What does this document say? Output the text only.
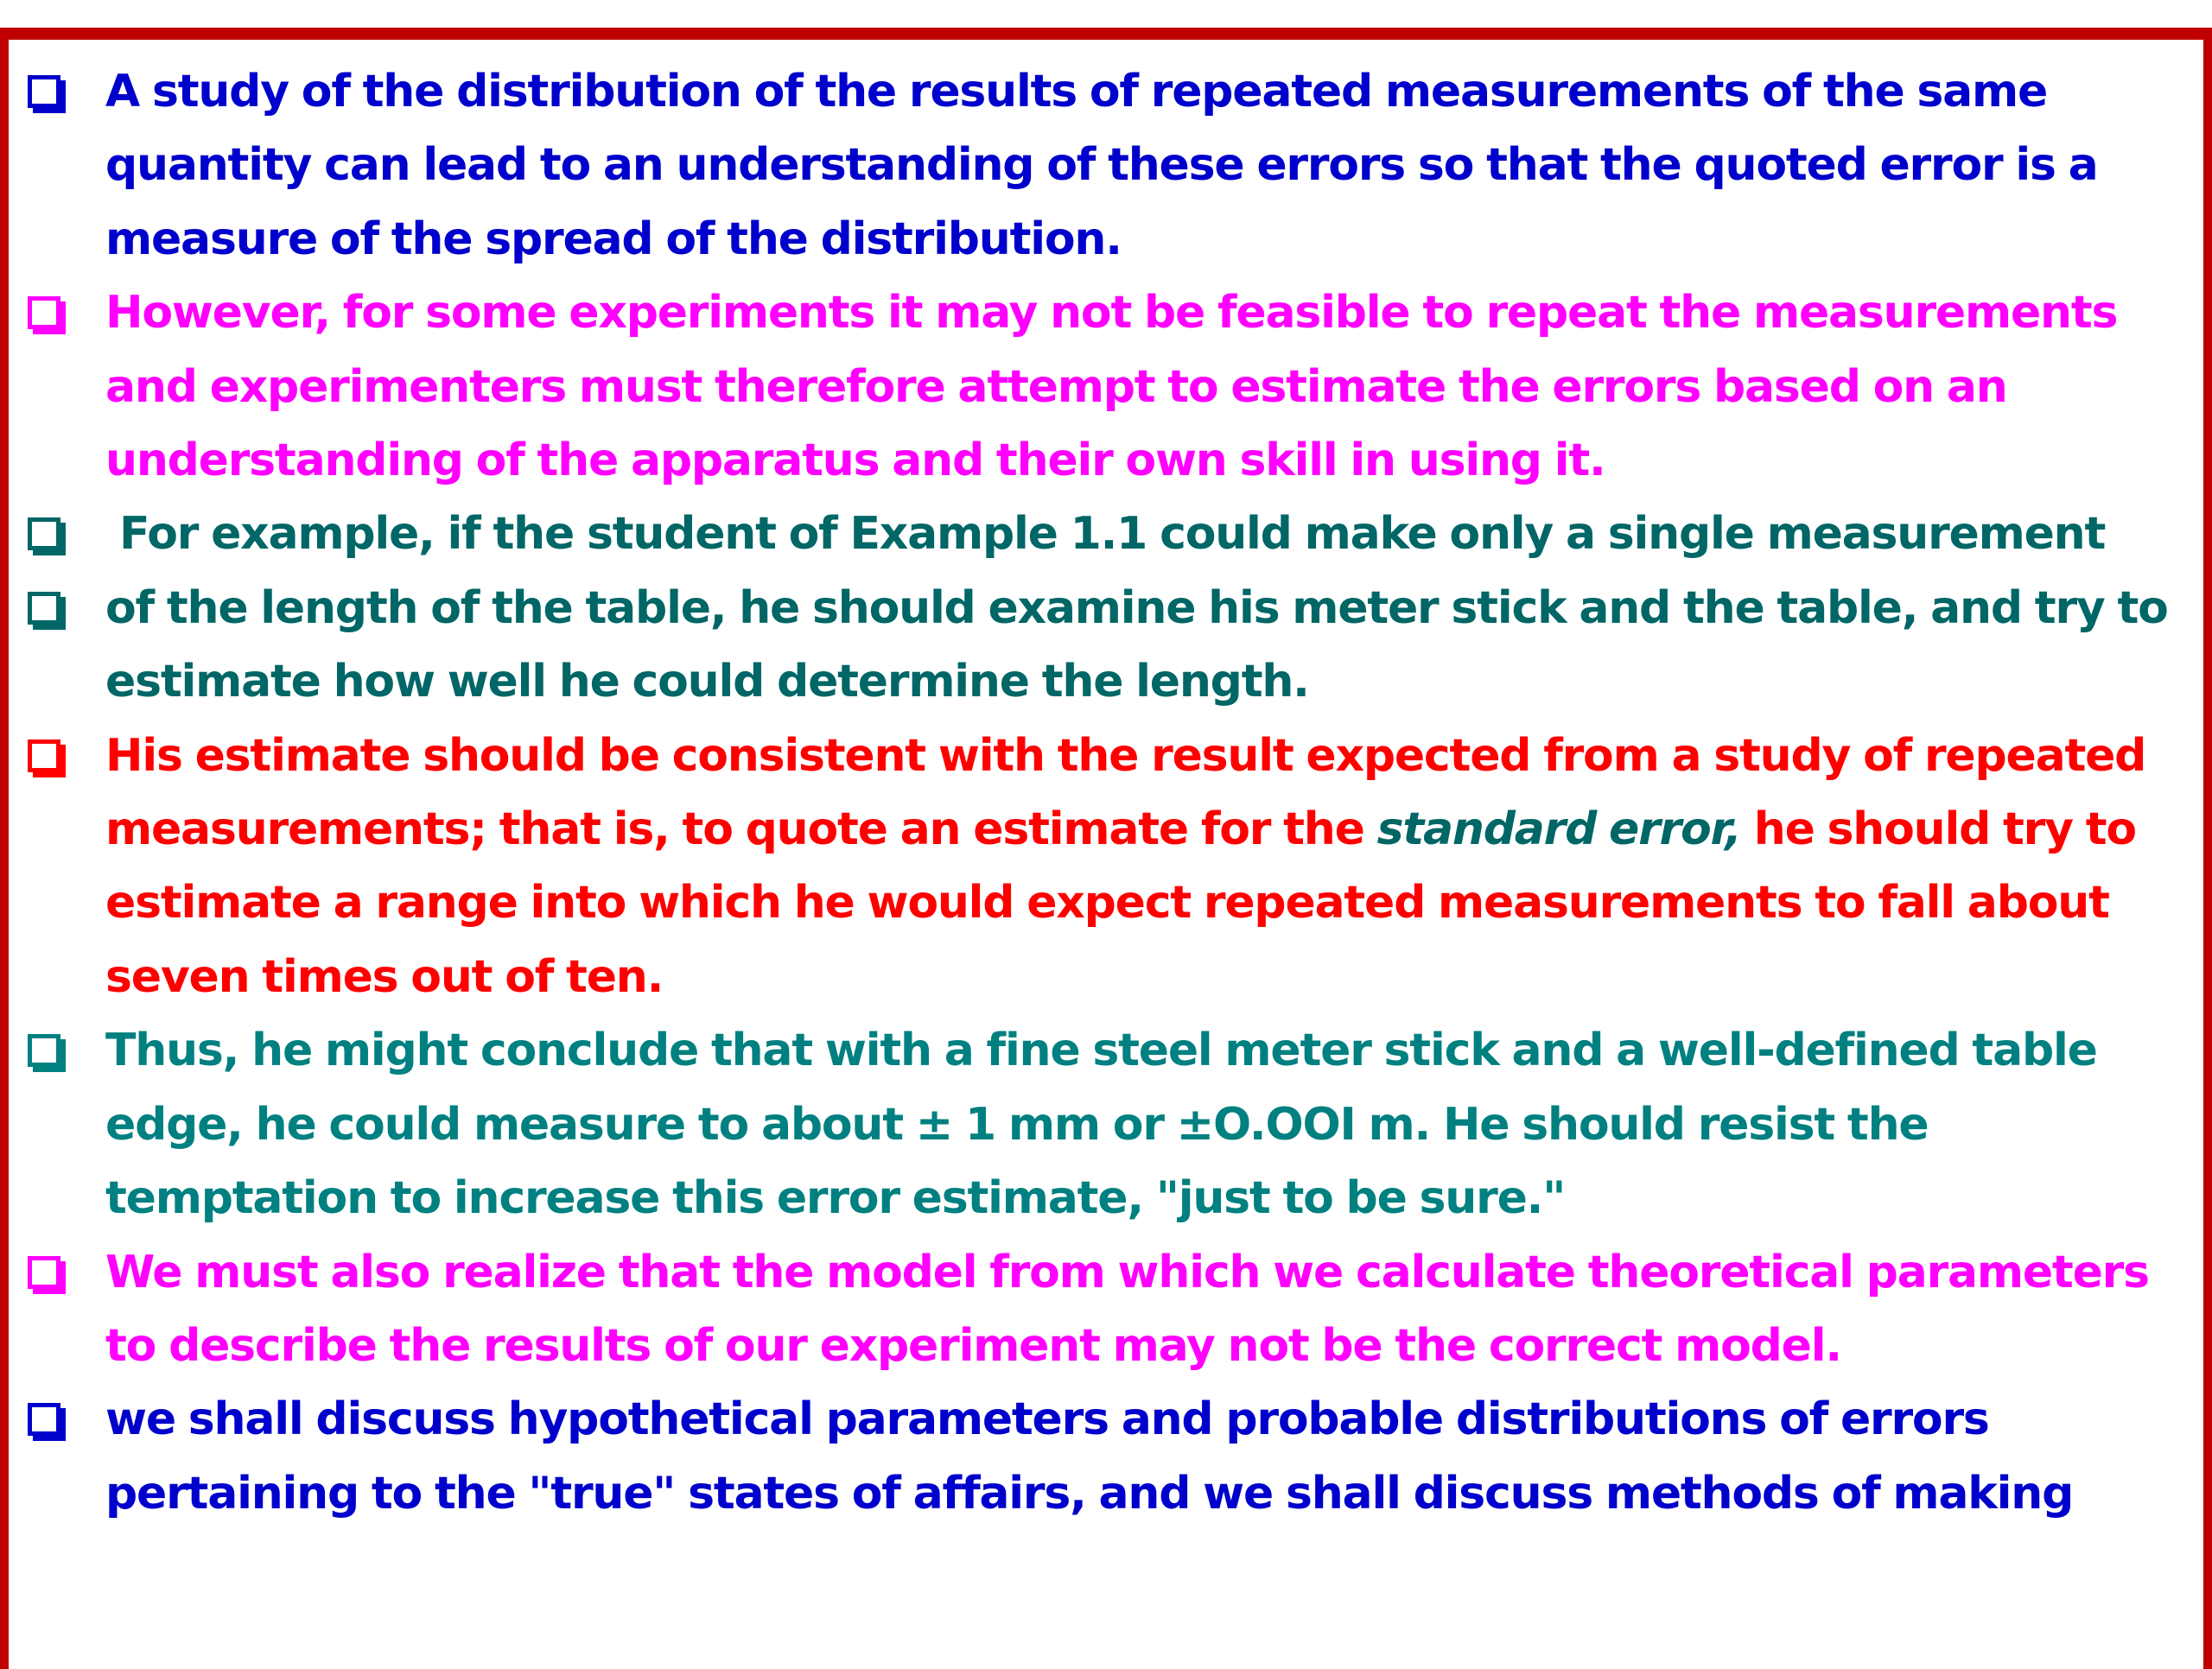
A study of the distribution of the results of repeated measurements of the same quantity can lead to an understanding of these errors so that the quoted error is a measure of the spread of the distribution.
However, for some experiments it may not be feasible to repeat the measurements and experimenters must therefore attempt to estimate the errors based on an understanding of the apparatus and their own skill in using it.
For example, if the student of Example 1.1 could make only a single measurement
of the length of the table, he should examine his meter stick and the table, and try to estimate how well he could determine the length.
His estimate should be consistent with the result expected from a study of repeated measurements; that is, to quote an estimate for the standard error, he should try to estimate a range into which he would expect repeated measurements to fall about seven times out of ten.
Thus, he might conclude that with a fine steel meter stick and a well-defined table edge, he could measure to about ± 1 mm or ±O.OOI m. He should resist the temptation to increase this error estimate, "just to be sure."
We must also realize that the model from which we calculate theoretical parameters to describe the results of our experiment may not be the correct model.
we shall discuss hypothetical parameters and probable distributions of errors pertaining to the "true" states of affairs, and we shall discuss methods of making
